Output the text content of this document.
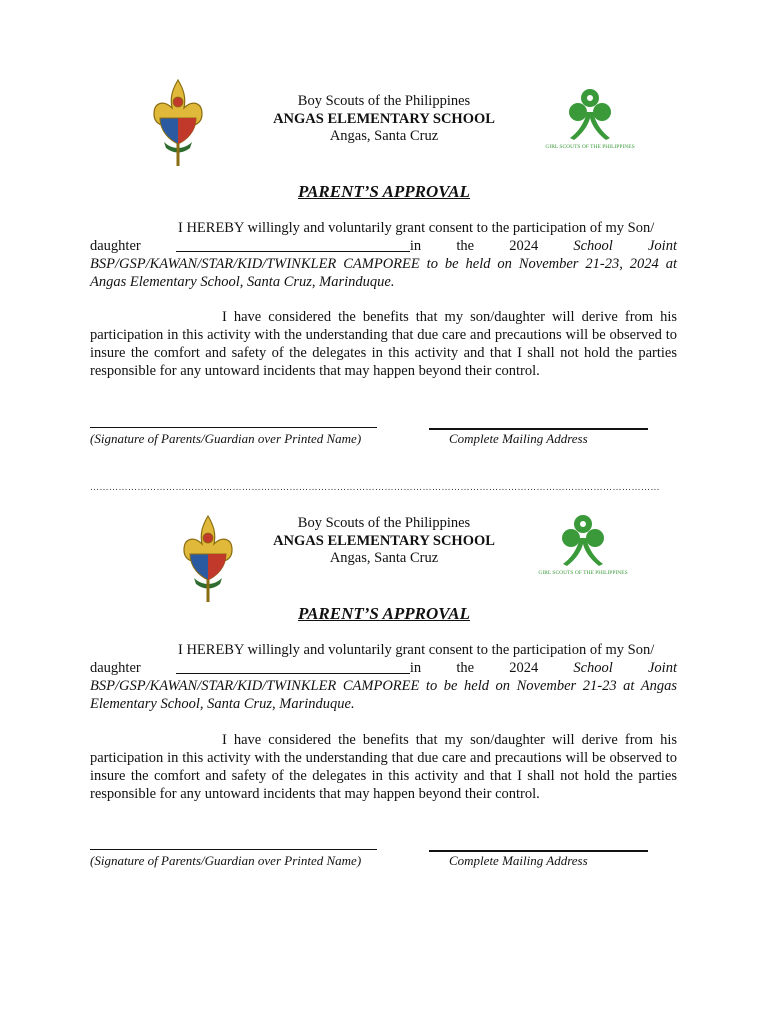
Boy Scouts of the Philippines
ANGAS ELEMENTARY SCHOOL
Angas, Santa Cruz
GIRL SCOUTS OF THE PHILIPPINES
PARENT’S APPROVAL
I HEREBY willingly and voluntarily grant consent to the participation of my Son/
daughter	in the 2024 School Joint
BSP/GSP/KAWAN/STAR/KID/TWINKLER CAMPOREE to be held on November 21-23, 2024 at Angas Elementary School, Santa Cruz, Marinduque.
I have considered the benefits that my son/daughter will derive from his participation in this activity with the understanding that due care and precautions will be observed to insure the comfort and safety of the delegates in this activity and that I shall not hold the parties responsible for any untoward incidents that may happen beyond their control.
(Signature of Parents/Guardian over Printed Name)	Complete Mailing Address
………………………………………………………………………………………………………………………………………………………………
Boy Scouts of the Philippines
ANGAS ELEMENTARY SCHOOL
Angas, Santa Cruz
GIRL SCOUTS OF THE PHILIPPINES
PARENT’S APPROVAL
I HEREBY willingly and voluntarily grant consent to the participation of my Son/
daughter	in the 2024 School Joint
BSP/GSP/KAWAN/STAR/KID/TWINKLER CAMPOREE to be held on November 21-23 at Angas Elementary School, Santa Cruz, Marinduque.
I have considered the benefits that my son/daughter will derive from his participation in this activity with the understanding that due care and precautions will be observed to insure the comfort and safety of the delegates in this activity and that I shall not hold the parties responsible for any untoward incidents that may happen beyond their control.
(Signature of Parents/Guardian over Printed Name)	Complete Mailing Address
